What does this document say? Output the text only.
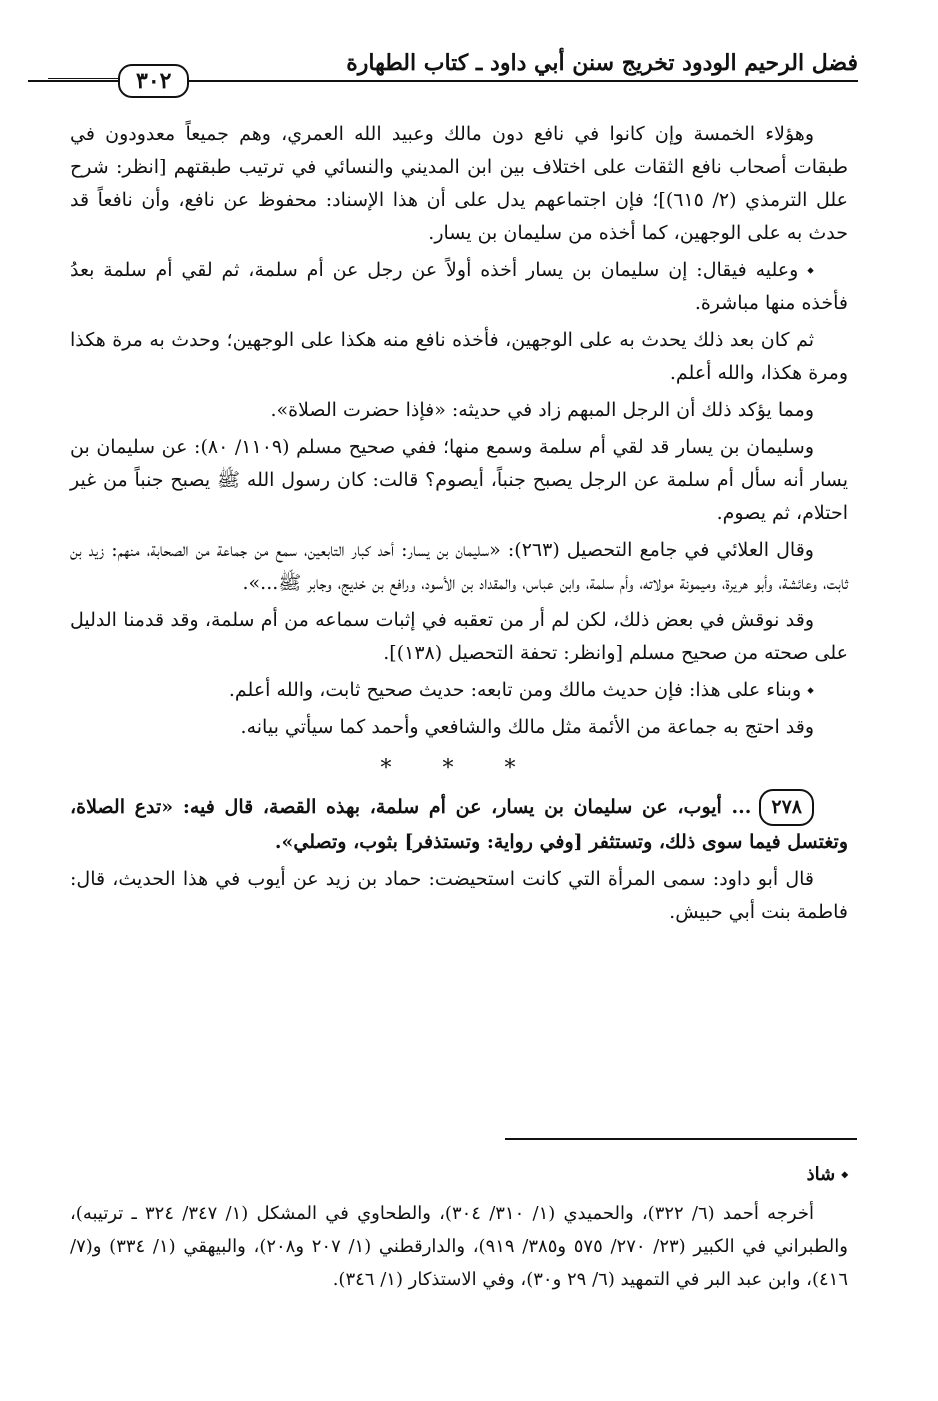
فضل الرحيم الودود تخريج سنن أبي داود ـ كتاب الطهارة
٣٠٢

وهؤلاء الخمسة وإن كانوا في نافع دون مالك وعبيد الله العمري، وهم جميعاً معدودون في طبقات أصحاب نافع الثقات على اختلاف بين ابن المديني والنسائي في ترتيب طبقتهم [انظر: شرح علل الترمذي (٢/ ٦١٥)]؛ فإن اجتماعهم يدل على أن هذا الإسناد: محفوظ عن نافع، وأن نافعاً قد حدث به على الوجهين، كما أخذه من سليمان بن يسار.

⬩ وعليه فيقال: إن سليمان بن يسار أخذه أولاً عن رجل عن أم سلمة، ثم لقي أم سلمة بعدُ فأخذه منها مباشرة.

ثم كان بعد ذلك يحدث به على الوجهين، فأخذه نافع منه هكذا على الوجهين؛ وحدث به مرة هكذا ومرة هكذا، والله أعلم.

ومما يؤكد ذلك أن الرجل المبهم زاد في حديثه: «فإذا حضرت الصلاة».

وسليمان بن يسار قد لقي أم سلمة وسمع منها؛ ففي صحيح مسلم (١١٠٩/ ٨٠): عن سليمان بن يسار أنه سأل أم سلمة عن الرجل يصبح جنباً، أيصوم؟ قالت: كان رسول الله ﷺ يصبح جنباً من غير احتلام، ثم يصوم.

وقال العلائي في جامع التحصيل (٢٦٣): «سليمان بن يسار: أحد كبار التابعين، سمع من جماعة من الصحابة، منهم: زيد بن ثابت، وعائشة، وأبو هريرة، وميمونة مولاته، وأم سلمة، وابن عباس، والمقداد بن الأسود، ورافع بن خديج، وجابر ﷺ...».

وقد نوقش في بعض ذلك، لكن لم أر من تعقبه في إثبات سماعه من أم سلمة، وقد قدمنا الدليل على صحته من صحيح مسلم [وانظر: تحفة التحصيل (١٣٨)].

⬩ وبناء على هذا: فإن حديث مالك ومن تابعه: حديث صحيح ثابت، والله أعلم.

وقد احتج به جماعة من الأئمة مثل مالك والشافعي وأحمد كما سيأتي بيانه.

* * *

٢٧٨... أيوب، عن سليمان بن يسار، عن أم سلمة، بهذه القصة، قال فيه: «تدع الصلاة، وتغتسل فيما سوى ذلك، وتستثفر [وفي رواية: وتستذفر] بثوب، وتصلي».

قال أبو داود: سمى المرأة التي كانت استحيضت: حماد بن زيد عن أيوب في هذا الحديث، قال: فاطمة بنت أبي حبيش.

⬩ شاذ

أخرجه أحمد (٦/ ٣٢٢)، والحميدي (١/ ٣١٠/ ٣٠٤)، والطحاوي في المشكل (١/ ٣٤٧/ ٣٢٤ ـ ترتيبه)، والطبراني في الكبير (٢٣/ ٢٧٠/ ٥٧٥ و٣٨٥/ ٩١٩)، والدارقطني (١/ ٢٠٧ و٢٠٨)، والبيهقي (١/ ٣٣٤) و(٧/ ٤١٦)، وابن عبد البر في التمهيد (٦/ ٢٩ و٣٠)، وفي الاستذكار (١/ ٣٤٦).
